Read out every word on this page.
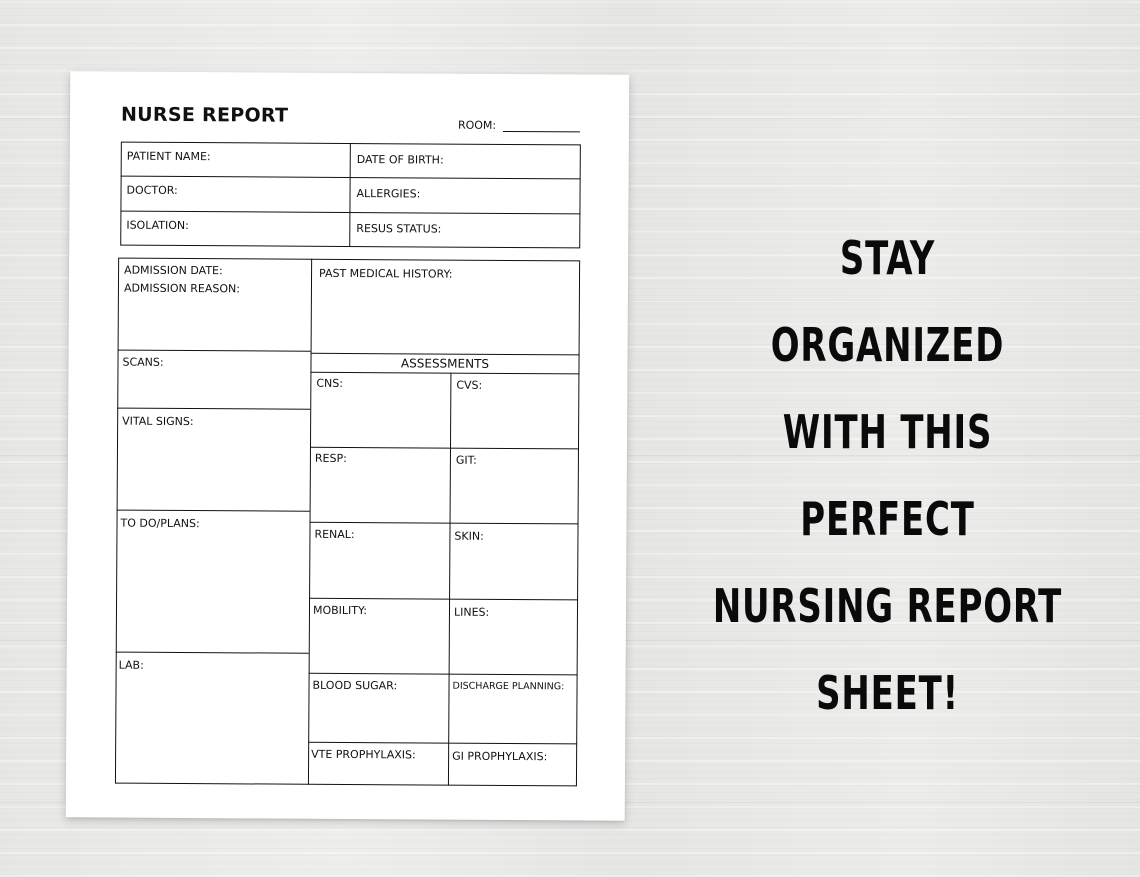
NURSE REPORT	ROOM:
PATIENT NAME:	DATE OF BIRTH:
DOCTOR:	ALLERGIES:
ISOLATION:	RESUS STATUS:
ADMISSION DATE:
ADMISSION REASON:
SCANS:
VITAL SIGNS:
TO DO/PLANS:
LAB:
PAST MEDICAL HISTORY:
ASSESSMENTS
CNS:	CVS:
RESP:	GIT:
RENAL:	SKIN:
MOBILITY:	LINES:
BLOOD SUGAR:	DISCHARGE PLANNING:
VTE PROPHYLAXIS:	GI PROPHYLAXIS:
STAY
ORGANIZED
WITH THIS
PERFECT
NURSING REPORT
SHEET!
